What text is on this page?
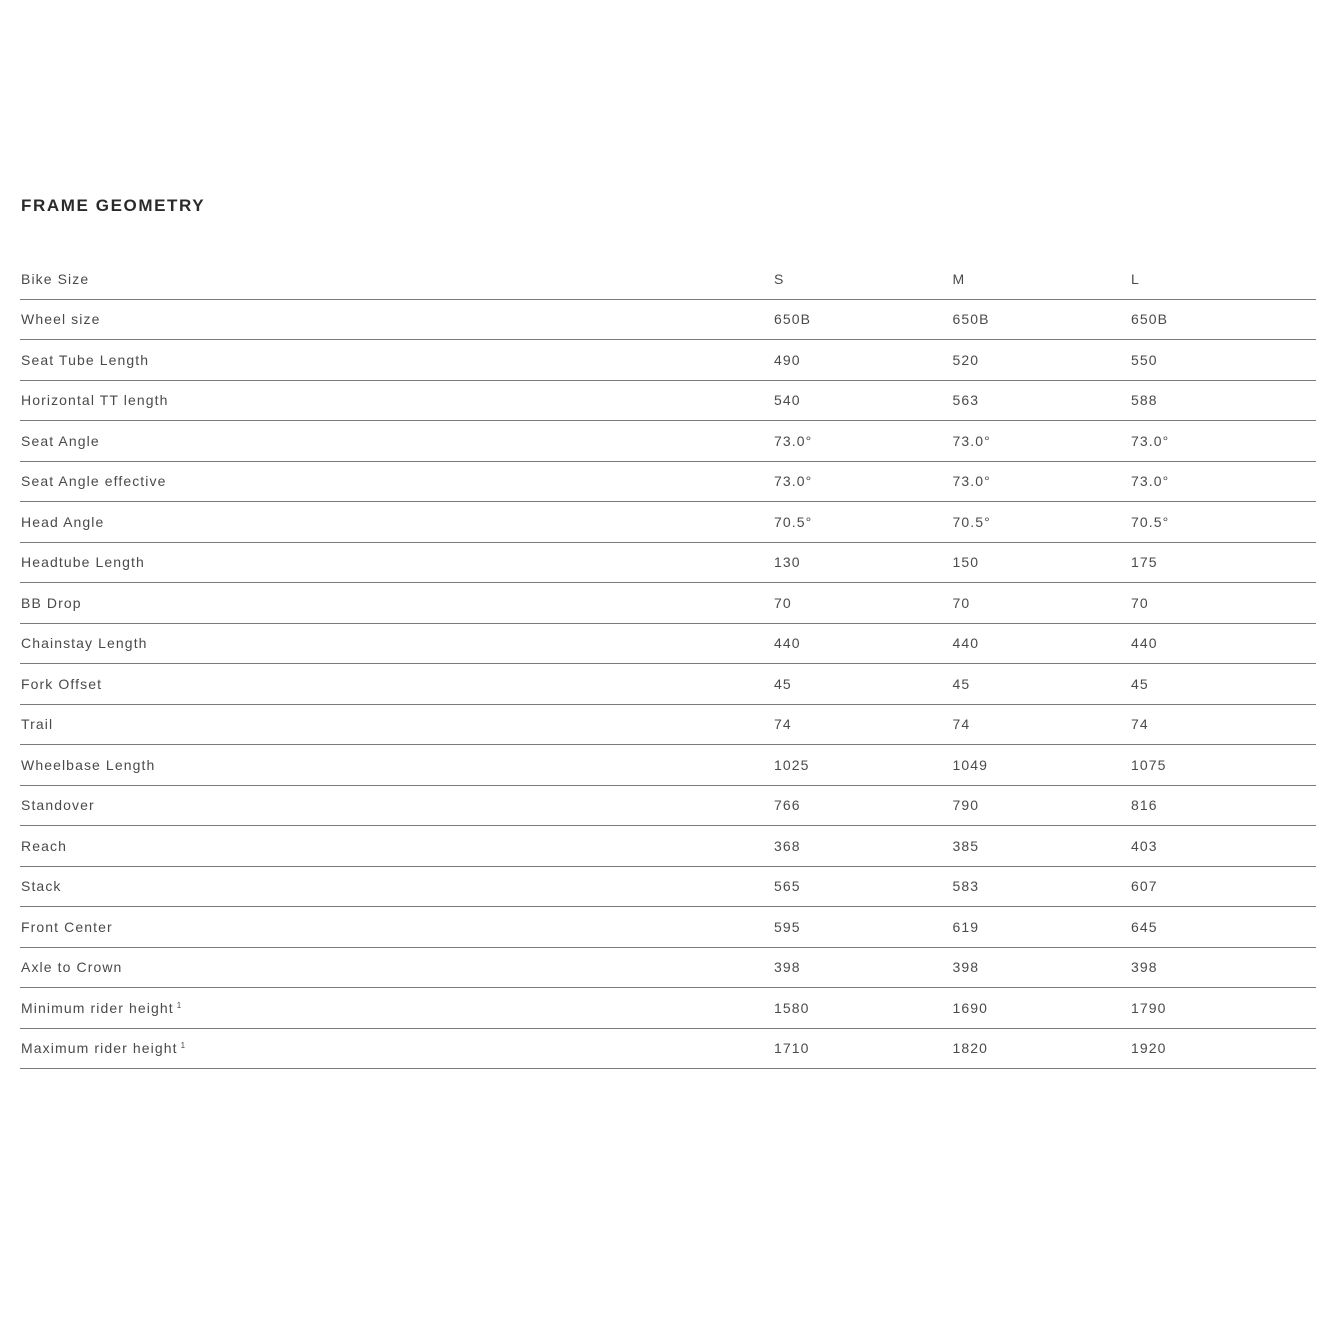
FRAME GEOMETRY
Bike Size	S	M	L
Wheel size	650B	650B	650B
Seat Tube Length	490	520	550
Horizontal TT length	540	563	588
Seat Angle	73.0°	73.0°	73.0°
Seat Angle effective	73.0°	73.0°	73.0°
Head Angle	70.5°	70.5°	70.5°
Headtube Length	130	150	175
BB Drop	70	70	70
Chainstay Length	440	440	440
Fork Offset	45	45	45
Trail	74	74	74
Wheelbase Length	1025	1049	1075
Standover	766	790	816
Reach	368	385	403
Stack	565	583	607
Front Center	595	619	645
Axle to Crown	398	398	398
Minimum rider height $^1$	1580	1690	1790
Maximum rider height $^1$	1710	1820	1920
